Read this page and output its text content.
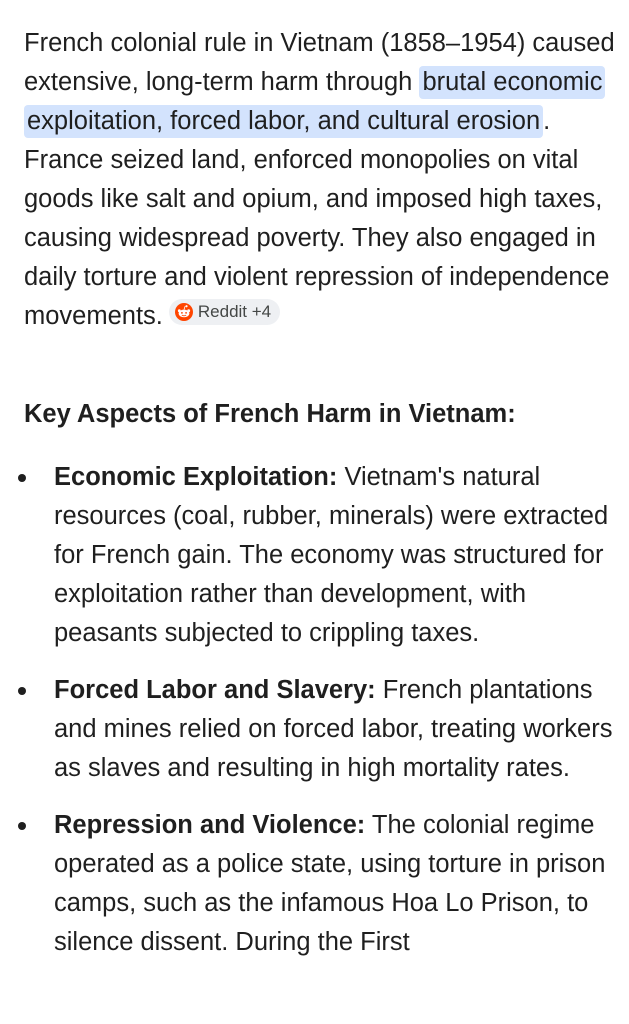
French colonial rule in Vietnam (1858–1954) caused extensive, long-term harm through brutal economic exploitation, forced labor, and cultural erosion . France seized land, enforced monopolies on vital goods like salt and opium, and imposed high taxes, causing widespread poverty. They also engaged in daily torture and violent repression of independence movements. Reddit +4

Key Aspects of French Harm in Vietnam:
Economic Exploitation: Vietnam's natural resources (coal, rubber, minerals) were extracted for French gain. The economy was structured for exploitation rather than development, with peasants subjected to crippling taxes.
Forced Labor and Slavery: French plantations and mines relied on forced labor, treating workers as slaves and resulting in high mortality rates.
Repression and Violence: The colonial regime operated as a police state, using torture in prison camps, such as the infamous Hoa Lo Prison, to silence dissent. During the First
